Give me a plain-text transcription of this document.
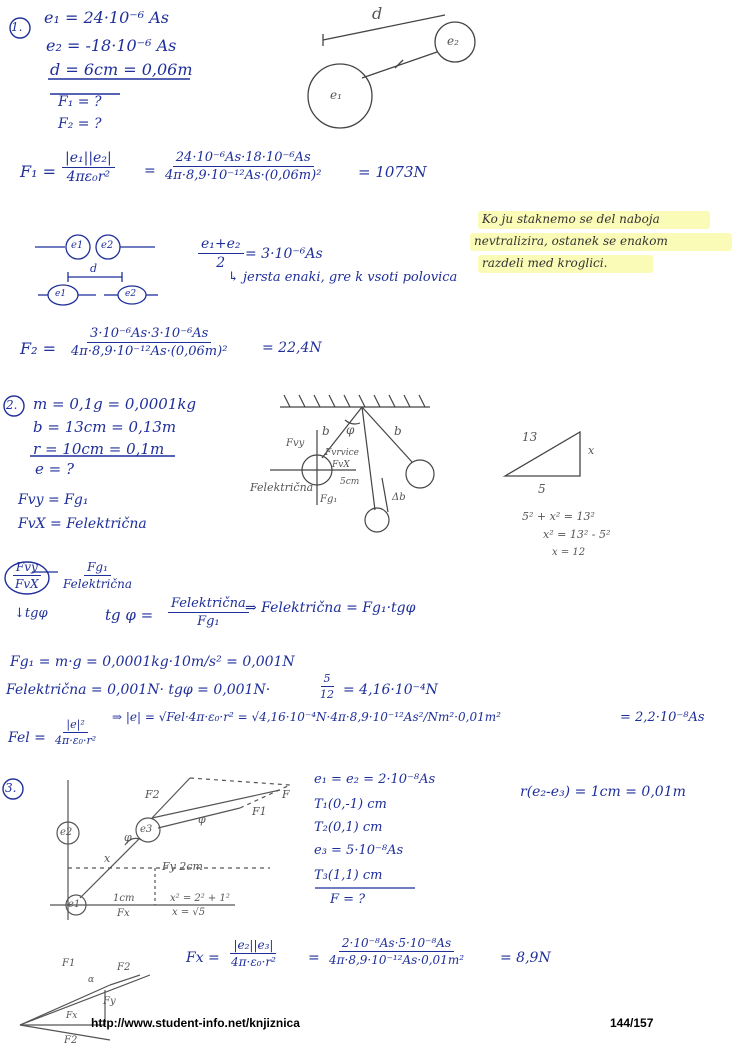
1. e₁ = 24·10⁻⁶ As
e₂ = -18·10⁻⁶ As
d = 6cm = 0,06m
F₁ = ?
F₂ = ?
d
e₁
e₂
$F_1 = \frac{\text{|e₁||e₂|}}{\text{4πε₀r²}} = \frac{\text{24·10⁻⁶As·18·10⁻⁶As}}{\text{4π·8,9·10⁻¹²As·(0,06m)²}} = 1073N$
e1 e2
d
e1	e2
$\frac{\text{e₁+e₂}}{2} = 3\cdot 10^{-6}As$
↳ jersta enaki, gre k vsoti polovica
Ko ju staknemo se del naboja
nevtralizira, ostanek se enakom
razdeli med kroglici.
$F_2 = \frac{\text{3·10⁻⁶As·3·10⁻⁶As}}{\text{4π·8,9·10⁻¹²As·(0,06m)²}} = 22,4N$
2. m = 0,1g = 0,0001kg
b = 13cm = 0,13m
r = 10cm = 0,1m
e = ?
Fvy = Fg₁
FvX = Felektrična
Fvy
b φ	b
Fvrvice
FvX
Felektrična	5cm
Fg₁	Δb
13
x
5
5² + x² = 13²
x² = 13² - 5²
x = 12
$\frac{\text{Fvy}}{\text{FvX}} \frac{\text{Fg₁}}{\text{Felektrična}}$
↓tgφ	tg $\varphi = \frac{\text{Felektrična}}{\text{Fg₁}}$
⇒ Felektrična = Fg₁·tgφ
Fg₁ = m·g = 0,0001kg·10m/s² = 0,001N
Felektrična = 0,001N· tgφ = 0,001N·	$\frac{5}{12} = 4,16\cdot 10^{-4}N$
Fel = $\frac{\text{|e|²}}{\text{4π·ε₀·r²}}$
⇒ |e| = √Fel·4π·ε₀·r² = √4,16·10⁻⁴N·4π·8,9·10⁻¹²As²/Nm²·0,01m²	= 2,2·10⁻⁸As
3.	F2
F1
F
φ
e3
e2	φ
x
Fy 2cm
e1
1cm
Fx
x² = 2² + 1²
x = √5
e₁ = e₂ = 2·10⁻⁸As
T₁(0,-1) cm
T₂(0,1) cm
e₃ = 5·10⁻⁸As
T₃(1,1) cm
F = ?
r(e₂-e₃) = 1cm = 0,01m
$Fx = \frac{\text{|e₂||e₃|}}{\text{4π·ε₀·r²}} = \frac{\text{2·10⁻⁸As·5·10⁻⁸As}}{\text{4π·8,9·10⁻¹²As·0,01m²}} = 8,9N$
F1	F2
α
Fy
Fx
F2
http://www.student-info.net/knjiznica	144/157
